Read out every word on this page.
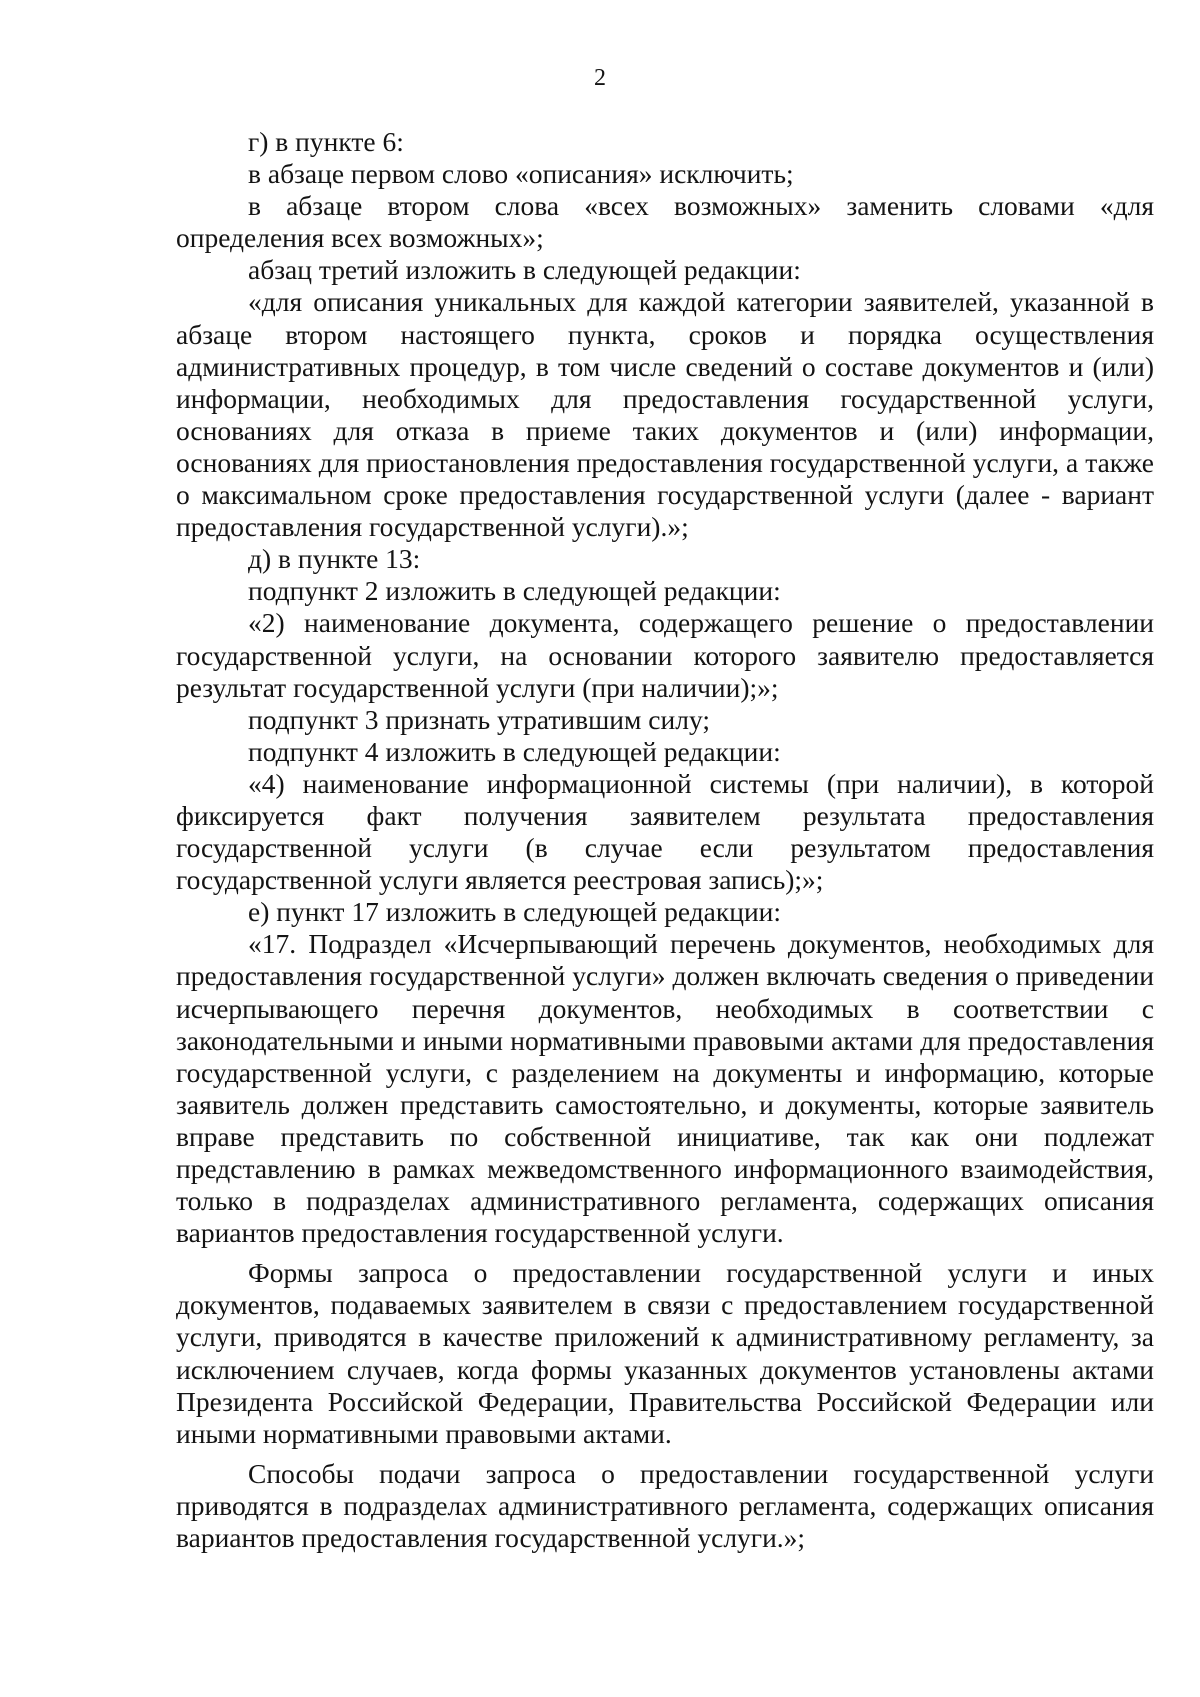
2

г) в пункте 6:

в абзаце первом слово «описания» исключить;

в абзаце втором слова «всех возможных» заменить словами «для определения всех возможных»;

абзац третий изложить в следующей редакции:

«для описания уникальных для каждой категории заявителей, указанной в абзаце втором настоящего пункта, сроков и порядка осуществления административных процедур, в том числе сведений о составе документов и (или) информации, необходимых для предоставления государственной услуги, основаниях для отказа в приеме таких документов и (или) информации, основаниях для приостановления предоставления государственной услуги, а также о максимальном сроке предоставления государственной услуги (далее - вариант предоставления государственной услуги).»;

д) в пункте 13:

подпункт 2 изложить в следующей редакции:

«2) наименование документа, содержащего решение о предоставлении государственной услуги, на основании которого заявителю предоставляется результат государственной услуги (при наличии);»;

подпункт 3 признать утратившим силу;

подпункт 4 изложить в следующей редакции:

«4) наименование информационной системы (при наличии), в которой фиксируется факт получения заявителем результата предоставления государственной услуги (в случае если результатом предоставления государственной услуги является реестровая запись);»;

е) пункт 17 изложить в следующей редакции:

«17. Подраздел «Исчерпывающий перечень документов, необходимых для предоставления государственной услуги» должен включать сведения о приведении исчерпывающего перечня документов, необходимых в соответствии с законодательными и иными нормативными правовыми актами для предоставления государственной услуги, с разделением на документы и информацию, которые заявитель должен представить самостоятельно, и документы, которые заявитель вправе представить по собственной инициативе, так как они подлежат представлению в рамках межведомственного информационного взаимодействия, только в подразделах административного регламента, содержащих описания вариантов предоставления государственной услуги.

Формы запроса о предоставлении государственной услуги и иных документов, подаваемых заявителем в связи с предоставлением государственной услуги, приводятся в качестве приложений к административному регламенту, за исключением случаев, когда формы указанных документов установлены актами Президента Российской Федерации, Правительства Российской Федерации или иными нормативными правовыми актами.

Способы подачи запроса о предоставлении государственной услуги приводятся в подразделах административного регламента, содержащих описания вариантов предоставления государственной услуги.»;
